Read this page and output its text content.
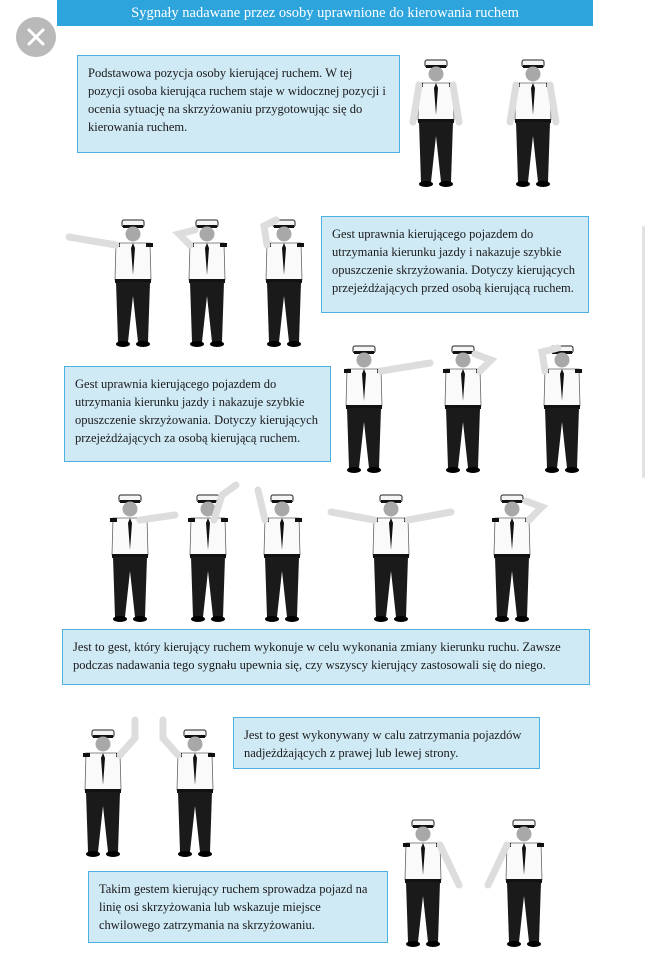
Sygnały nadawane przez osoby uprawnione do kierowania ruchem
Podstawowa pozycja osoby kierującej ruchem. W tej pozycji osoba kierująca ruchem staje w widocznej pozycji i ocenia sytuację na skrzyżowaniu przygotowując się do kierowania ruchem.
Gest uprawnia kierującego pojazdem do utrzymania kierunku jazdy i nakazuje szybkie opuszczenie skrzyżowania. Dotyczy kierujących przejeżdżających przed osobą kierującą ruchem.
Gest uprawnia kierującego pojazdem do utrzymania kierunku jazdy i nakazuje szybkie opuszczenie skrzyżowania. Dotyczy kierujących przejeżdżających za osobą kierującą ruchem.
Jest to gest, który kierujący ruchem wykonuje w celu wykonania zmiany kierunku ruchu. Zawsze podczas nadawania tego sygnału upewnia się, czy wszyscy kierujący zastosowali się do niego.
Jest to gest wykonywany w calu zatrzymania pojazdów nadjeżdżających z prawej lub lewej strony.
Takim gestem kierujący ruchem sprowadza pojazd na linię osi skrzyżowania lub wskazuje miejsce chwilowego zatrzymania na skrzyżowaniu.
